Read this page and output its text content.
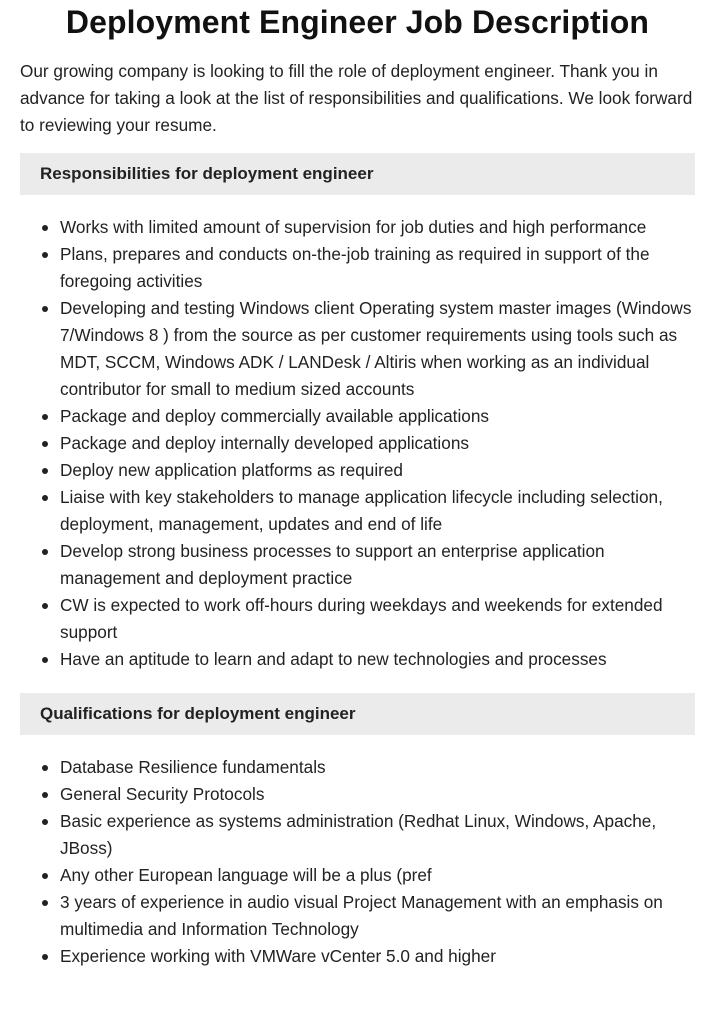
Deployment Engineer Job Description

Our growing company is looking to fill the role of deployment engineer. Thank you in advance for taking a look at the list of responsibilities and qualifications. We look forward to reviewing your resume.

Responsibilities for deployment engineer
Works with limited amount of supervision for job duties and high performance
Plans, prepares and conducts on-the-job training as required in support of the foregoing activities
Developing and testing Windows client Operating system master images (Windows 7/Windows 8 ) from the source as per customer requirements using tools such as MDT, SCCM, Windows ADK / LANDesk / Altiris when working as an individual contributor for small to medium sized accounts
Package and deploy commercially available applications
Package and deploy internally developed applications
Deploy new application platforms as required
Liaise with key stakeholders to manage application lifecycle including selection, deployment, management, updates and end of life
Develop strong business processes to support an enterprise application management and deployment practice
CW is expected to work off-hours during weekdays and weekends for extended support
Have an aptitude to learn and adapt to new technologies and processes
Qualifications for deployment engineer
Database Resilience fundamentals
General Security Protocols
Basic experience as systems administration (Redhat Linux, Windows, Apache, JBoss)
Any other European language will be a plus (pref
3 years of experience in audio visual Project Management with an emphasis on multimedia and Information Technology
Experience working with VMWare vCenter 5.0 and higher
